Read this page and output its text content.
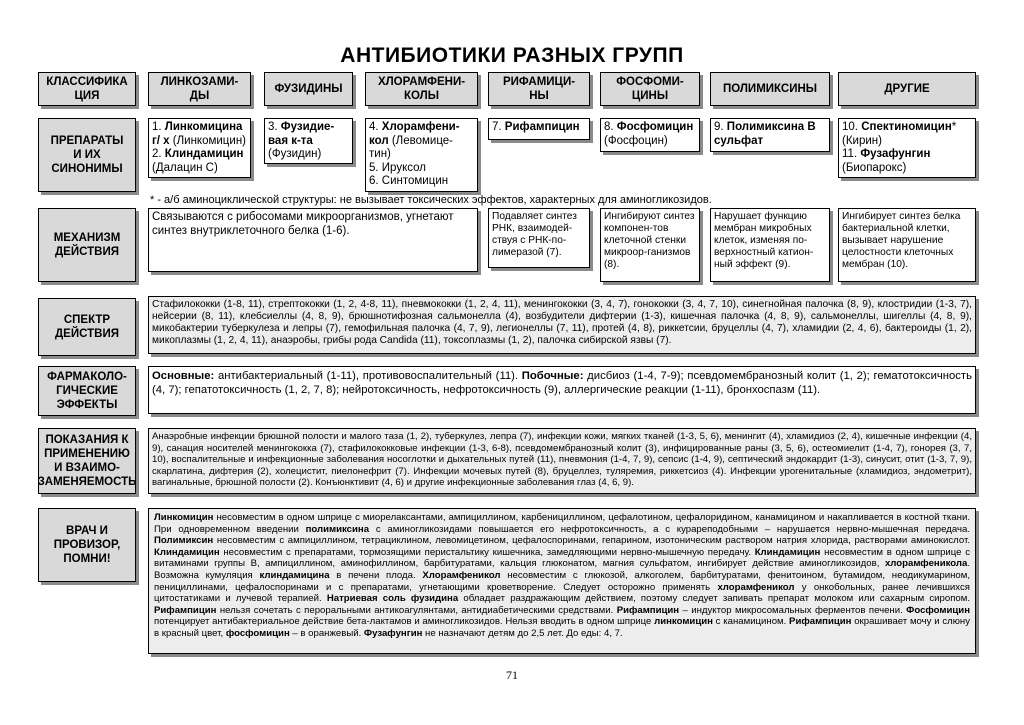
АНТИБИОТИКИ РАЗНЫХ ГРУПП
КЛАССИФИКА
ЦИЯ
ЛИНКОЗАМИ-
ДЫ
ФУЗИДИНЫ
ХЛОРАМФЕНИ-
КОЛЫ
РИФАМИЦИ-
НЫ
ФОСФОМИ-
ЦИНЫ
ПОЛИМИКСИНЫ	ДРУГИЕ
ПРЕПАРАТЫ
И ИХ
СИНОНИМЫ
1. Линкомицина г/ х (Линкомицин)
2. Клиндамицин (Далацин С)
3. Фузидие-вая к-та (Фузидин)
4. Хлорамфени-кол (Левомице-тин)
5. Ируксол
6. Синтомицин
7. Рифампицин	8. Фосфомицин (Фосфоцин)
9. Полимиксина В сульфат
10. Спектиномицин* (Кирин)
11. Фузафунгин (Биопарокс)
* - а/б аминоциклической структуры: не вызывает токсических эффектов, характерных для аминогликозидов.
МЕХАНИЗМ
ДЕЙСТВИЯ
Связываются с рибосомами микроорганизмов, угнетают синтез внутриклеточного белка (1-6).
Подавляет синтез РНК, взаимодей-ствуя с РНК-по-лимеразой (7).
Ингибируют синтез компонен-тов клеточной стенки микроор-ганизмов (8).
Нарушает функцию мембран микробных клеток, изменяя по-верхностный катион-ный эффект (9).
Ингибирует синтез белка бактериальной клетки, вызывает нарушение целостности клеточных мембран (10).
СПЕКТР
ДЕЙСТВИЯ
Стафилококки (1-8, 11), стрептококки (1, 2, 4-8, 11), пневмококки (1, 2, 4, 11), менингококки (3, 4, 7), гонококки (3, 4, 7, 10), синегнойная палочка (8, 9), клостридии (1-3, 7), нейсерии (8, 11), клебсиеллы (4, 8, 9), брюшнотифозная сальмонелла (4), возбудители дифтерии (1-3), кишечная палочка (4, 8, 9), сальмонеллы, шигеллы (4, 8, 9), микобактерии туберкулеза и лепры (7), гемофильная палочка (4, 7, 9), легионеллы (7, 11), протей (4, 8), риккетсии, бруцеллы (4, 7), хламидии (2, 4, 6), бактероиды (1, 2), микоплазмы (1, 2, 4, 11), анаэробы, грибы рода Candida (11), токсоплазмы (1, 2), палочка сибирской язвы (7).
ФАРМАКОЛО-
ГИЧЕСКИЕ
ЭФФЕКТЫ
Основные: антибактериальный (1-11), противовоспалительный (11). Побочные: дисбиоз (1-4, 7-9); псевдомембранозный колит (1, 2); гематотоксичность (4, 7); гепатотоксичность (1, 2, 7, 8); нейротоксичность, нефротоксичность (9), аллергические реакции (1-11), бронхоспазм (11).
ПОКАЗАНИЯ К
ПРИМЕНЕНИЮ
И ВЗАИМО-
ЗАМЕНЯЕМОСТЬ
Анаэробные инфекции брюшной полости и малого таза (1, 2), туберкулез, лепра (7), инфекции кожи, мягких тканей (1-3, 5, 6), менингит (4), хламидиоз (2, 4), кишечные инфекции (4, 9), санация носителей менингококка (7), стафилококковые инфекции (1-3, 6-8), псевдомембранозный колит (3), инфицированные раны (3, 5, 6), остеомиелит (1-4, 7), гонорея (3, 7, 10), воспалительные и инфекционные заболевания носоглотки и дыхательных путей (11), пневмония (1-4, 7, 9), сепсис (1-4, 9), септический эндокардит (1-3), синусит, отит (1-3, 7, 9), скарлатина, дифтерия (2), холецистит, пиелонефрит (7). Инфекции мочевых путей (8), бруцеллез, туляремия, риккетсиоз (4). Инфекции урогенитальные (хламидиоз, эндометрит), вагинальные, брюшной полости (2). Конъюнктивит (4, 6) и другие инфекционные заболевания глаз (4, 6, 9).
ВРАЧ И
ПРОВИЗОР,
ПОМНИ!
Линкомицин несовместим в одном шприце с миорелаксантами, ампициллином, карбенициллином, цефалотином, цефалоридином, канамицином и накапливается в костной ткани. При одновременном введении полимиксина с аминогликозидами повышается его нефротоксичность, а с курареподобными – нарушается нервно-мышечная передача. Полимиксин несовместим с ампициллином, тетрациклином, левомицетином, цефалоспоринами, гепарином, изотоническим раствором натрия хлорида, растворами аминокислот. Клиндамицин несовместим с препаратами, тормозящими перистальтику кишечника, замедляющими нервно-мышечную передачу. Клиндамицин несовместим в одном шприце с витаминами группы В, ампициллином, аминофиллином, барбитуратами, кальция глюконатом, магния сульфатом, ингибирует действие аминогликозидов, хлорамфеникола. Возможна кумуляция клиндамицина в печени плода. Хлорамфеникол несовместим с глюкозой, алкоголем, барбитуратами, фенитоином, бутамидом, неодикумарином, пенициллинами, цефалоспоринами и с препаратами, угнетающими кроветворение. Следует осторожно применять хлорамфеникол у онкобольных, ранее лечившихся цитостатиками и лучевой терапией. Натриевая соль фузидина обладает раздражающим действием, поэтому следует запивать препарат молоком или сахарным сиропом. Рифампицин нельзя сочетать с пероральными антикоагулянтами, антидиабетическими средствами. Рифампицин – индуктор микросомальных ферментов печени. Фосфомицин потенцирует антибактериальное действие бета-лактамов и аминогликозидов. Нельзя вводить в одном шприце линкомицин с канамицином. Рифампицин окрашивает мочу и слюну в красный цвет, фосфомицин – в оранжевый. Фузафунгин не назначают детям до 2,5 лет. До еды: 4, 7.
71
